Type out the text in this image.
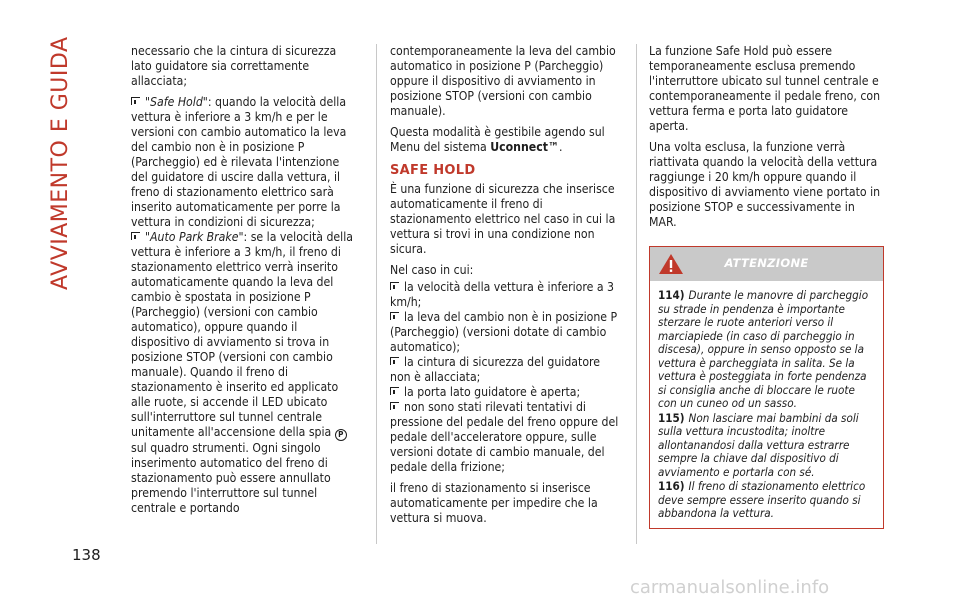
AVVIAMENTO E GUIDA
138

necessario che la cintura di sicurezza lato guidatore sia correttamente allacciata;

"Safe Hold": quando la velocità della vettura è inferiore a 3 km/h e per le versioni con cambio automatico la leva del cambio non è in posizione P (Parcheggio) ed è rilevata l'intenzione del guidatore di uscire dalla vettura, il freno di stazionamento elettrico sarà inserito automaticamente per porre la vettura in condizioni di sicurezza;

"Auto Park Brake": se la velocità della vettura è inferiore a 3 km/h, il freno di stazionamento elettrico verrà inserito automaticamente quando la leva del cambio è spostata in posizione P (Parcheggio) (versioni con cambio automatico), oppure quando il dispositivo di avviamento si trova in posizione STOP (versioni con cambio manuale). Quando il freno di stazionamento è inserito ed applicato alle ruote, si accende il LED ubicato sull'interruttore sul tunnel centrale unitamente all'accensione della spia P sul quadro strumenti. Ogni singolo inserimento automatico del freno di stazionamento può essere annullato premendo l'interruttore sul tunnel centrale e portando

contemporaneamente la leva del cambio automatico in posizione P (Parcheggio) oppure il dispositivo di avviamento in posizione STOP (versioni con cambio manuale).

Questa modalità è gestibile agendo sul Menu del sistema Uconnect™.

SAFE HOLD

È una funzione di sicurezza che inserisce automaticamente il freno di stazionamento elettrico nel caso in cui la vettura si trovi in una condizione non sicura.

Nel caso in cui:

la velocità della vettura è inferiore a 3 km/h;

la leva del cambio non è in posizione P (Parcheggio) (versioni dotate di cambio automatico);

la cintura di sicurezza del guidatore non è allacciata;

la porta lato guidatore è aperta;

non sono stati rilevati tentativi di pressione del pedale del freno oppure del pedale dell'acceleratore oppure, sulle versioni dotate di cambio manuale, del pedale della frizione;

il freno di stazionamento si inserisce automaticamente per impedire che la vettura si muova.

La funzione Safe Hold può essere temporaneamente esclusa premendo l'interruttore ubicato sul tunnel centrale e contemporaneamente il pedale freno, con vettura ferma e porta lato guidatore aperta.

Una volta esclusa, la funzione verrà riattivata quando la velocità della vettura raggiunge i 20 km/h oppure quando il dispositivo di avviamento viene portato in posizione STOP e successivamente in MAR.

ATTENZIONE

114) Durante le manovre di parcheggio su strade in pendenza è importante sterzare le ruote anteriori verso il marciapiede (in caso di parcheggio in discesa), oppure in senso opposto se la vettura è parcheggiata in salita. Se la vettura è posteggiata in forte pendenza si consiglia anche di bloccare le ruote con un cuneo od un sasso.

115) Non lasciare mai bambini da soli sulla vettura incustodita; inoltre allontanandosi dalla vettura estrarre sempre la chiave dal dispositivo di avviamento e portarla con sé.

116) Il freno di stazionamento elettrico deve sempre essere inserito quando si abbandona la vettura.

carmanualsonline.info
